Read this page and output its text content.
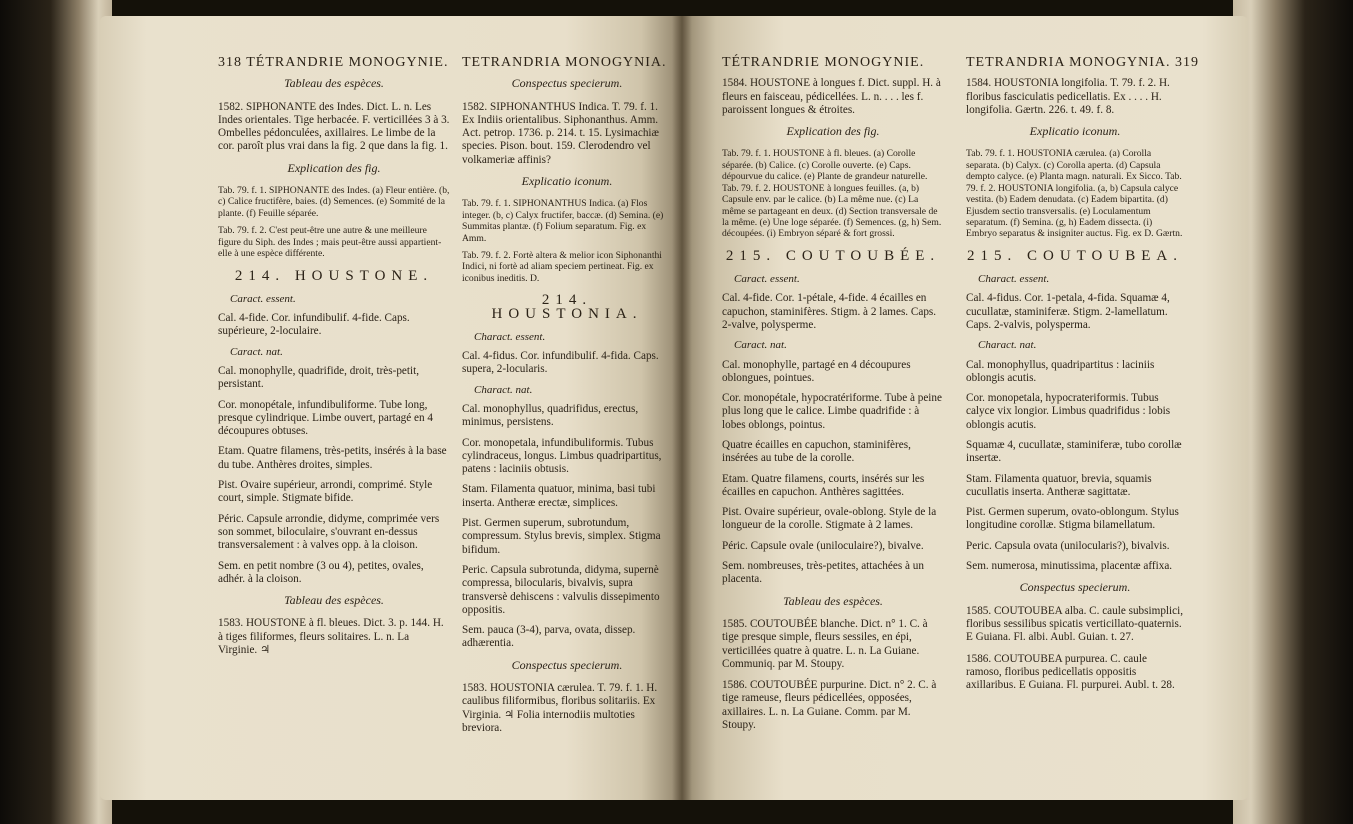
318 TÉTRANDRIE MONOGYNIE.
Tableau des espèces.

1582. SIPHONANTE des Indes. Dict. L. n. Les Indes orientales. Tige herbacée. F. verticillées 3 à 3. Ombelles pédonculées, axillaires. Le limbe de la cor. paroît plus vrai dans la fig. 2 que dans la fig. 1.

Explication des fig.

Tab. 79. f. 1. SIPHONANTE des Indes. (a) Fleur entière. (b, c) Calice fructifère, baies. (d) Semences. (e) Sommité de la plante. (f) Feuille séparée.

Tab. 79. f. 2. C'est peut-être une autre & une meilleure figure du Siph. des Indes ; mais peut-être aussi appartient-elle à une espèce différente.

214. HOUSTONE.
Caract. essent.

Cal. 4-fide. Cor. infundibulif. 4-fide. Caps. supérieure, 2-loculaire.

Caract. nat.

Cal. monophylle, quadrifide, droit, très-petit, persistant.

Cor. monopétale, infundibuliforme. Tube long, presque cylindrique. Limbe ouvert, partagé en 4 découpures obtuses.

Etam. Quatre filamens, très-petits, insérés à la base du tube. Anthères droites, simples.

Pist. Ovaire supérieur, arrondi, comprimé. Style court, simple. Stigmate bifide.

Péric. Capsule arrondie, didyme, comprimée vers son sommet, biloculaire, s'ouvrant en-dessus transversalement : à valves opp. à la cloison.

Sem. en petit nombre (3 ou 4), petites, ovales, adhér. à la cloison.

Tableau des espèces.

1583. HOUSTONE à fl. bleues. Dict. 3. p. 144. H. à tiges filiformes, fleurs solitaires. L. n. La Virginie. ♃

TETRANDRIA MONOGYNIA.
Conspectus specierum.

1582. SIPHONANTHUS Indica. T. 79. f. 1. Ex Indiis orientalibus. Siphonanthus. Amm. Act. petrop. 1736. p. 214. t. 15. Lysimachiæ species. Pison. bout. 159. Clerodendro vel volkameriæ affinis?

Explicatio iconum.

Tab. 79. f. 1. SIPHONANTHUS Indica. (a) Flos integer. (b, c) Calyx fructifer, baccæ. (d) Semina. (e) Summitas plantæ. (f) Folium separatum. Fig. ex Amm.

Tab. 79. f. 2. Fortè altera & melior icon Siphonanthi Indici, ni fortè ad aliam speciem pertineat. Fig. ex iconibus ineditis. D.

214. HOUSTONIA.
Charact. essent.

Cal. 4-fidus. Cor. infundibulif. 4-fida. Caps. supera, 2-locularis.

Charact. nat.

Cal. monophyllus, quadrifidus, erectus, minimus, persistens.

Cor. monopetala, infundibuliformis. Tubus cylindraceus, longus. Limbus quadripartitus, patens : laciniis obtusis.

Stam. Filamenta quatuor, minima, basi tubi inserta. Antheræ erectæ, simplices.

Pist. Germen superum, subrotundum, compressum. Stylus brevis, simplex. Stigma bifidum.

Peric. Capsula subrotunda, didyma, supernè compressa, bilocularis, bivalvis, supra transversè dehiscens : valvulis dissepimento oppositis.

Sem. pauca (3-4), parva, ovata, dissep. adhærentia.

Conspectus specierum.

1583. HOUSTONIA cærulea. T. 79. f. 1. H. caulibus filiformibus, floribus solitariis. Ex Virginia. ♃ Folia internodiis multoties breviora.

TÉTRANDRIE MONOGYNIE.

1584. HOUSTONE à longues f. Dict. suppl. H. à fleurs en faisceau, pédicellées. L. n. . . . les f. paroissent longues & étroites.

Explication des fig.

Tab. 79. f. 1. HOUSTONE à fl. bleues. (a) Corolle séparée. (b) Calice. (c) Corolle ouverte. (e) Caps. dépourvue du calice. (e) Plante de grandeur naturelle. Tab. 79. f. 2. HOUSTONE à longues feuilles. (a, b) Capsule env. par le calice. (b) La même nue. (c) La même se partageant en deux. (d) Section transversale de la même. (e) Une loge séparée. (f) Semences. (g, h) Sem. découpées. (i) Embryon séparé & fort grossi.

215. COUTOUBÉE.
Caract. essent.

Cal. 4-fide. Cor. 1-pétale, 4-fide. 4 écailles en capuchon, staminifères. Stigm. à 2 lames. Caps. 2-valve, polysperme.

Caract. nat.

Cal. monophylle, partagé en 4 découpures oblongues, pointues.

Cor. monopétale, hypocratériforme. Tube à peine plus long que le calice. Limbe quadrifide : à lobes oblongs, pointus.

Quatre écailles en capuchon, staminifères, insérées au tube de la corolle.

Etam. Quatre filamens, courts, insérés sur les écailles en capuchon. Anthères sagittées.

Pist. Ovaire supérieur, ovale-oblong. Style de la longueur de la corolle. Stigmate à 2 lames.

Péric. Capsule ovale (uniloculaire?), bivalve.

Sem. nombreuses, très-petites, attachées à un placenta.

Tableau des espèces.

1585. COUTOUBÉE blanche. Dict. n° 1. C. à tige presque simple, fleurs sessiles, en épi, verticillées quatre à quatre. L. n. La Guiane. Communiq. par M. Stoupy.

1586. COUTOUBÉE purpurine. Dict. n° 2. C. à tige rameuse, fleurs pédicellées, opposées, axillaires. L. n. La Guiane. Comm. par M. Stoupy.

TETRANDRIA MONOGYNIA. 319

1584. HOUSTONIA longifolia. T. 79. f. 2. H. floribus fasciculatis pedicellatis. Ex . . . . H. longifolia. Gærtn. 226. t. 49. f. 8.

Explicatio iconum.

Tab. 79. f. 1. HOUSTONIA cærulea. (a) Corolla separata. (b) Calyx. (c) Corolla aperta. (d) Capsula dempto calyce. (e) Planta magn. naturali. Ex Sicco. Tab. 79. f. 2. HOUSTONIA longifolia. (a, b) Capsula calyce vestita. (b) Eadem denudata. (c) Eadem bipartita. (d) Ejusdem sectio transversalis. (e) Loculamentum separatum. (f) Semina. (g, h) Eadem dissecta. (i) Embryo separatus & insigniter auctus. Fig. ex D. Gærtn.

215. COUTOUBEA.
Charact. essent.

Cal. 4-fidus. Cor. 1-petala, 4-fida. Squamæ 4, cucullatæ, staminiferæ. Stigm. 2-lamellatum. Caps. 2-valvis, polysperma.

Charact. nat.

Cal. monophyllus, quadripartitus : laciniis oblongis acutis.

Cor. monopetala, hypocrateriformis. Tubus calyce vix longior. Limbus quadrifidus : lobis oblongis acutis.

Squamæ 4, cucullatæ, staminiferæ, tubo corollæ insertæ.

Stam. Filamenta quatuor, brevia, squamis cucullatis inserta. Antheræ sagittatæ.

Pist. Germen superum, ovato-oblongum. Stylus longitudine corollæ. Stigma bilamellatum.

Peric. Capsula ovata (unilocularis?), bivalvis.

Sem. numerosa, minutissima, placentæ affixa.

Conspectus specierum.

1585. COUTOUBEA alba. C. caule subsimplici, floribus sessilibus spicatis verticillato-quaternis. E Guiana. Fl. albi. Aubl. Guian. t. 27.

1586. COUTOUBEA purpurea. C. caule ramoso, floribus pedicellatis oppositis axillaribus. E Guiana. Fl. purpurei. Aubl. t. 28.
